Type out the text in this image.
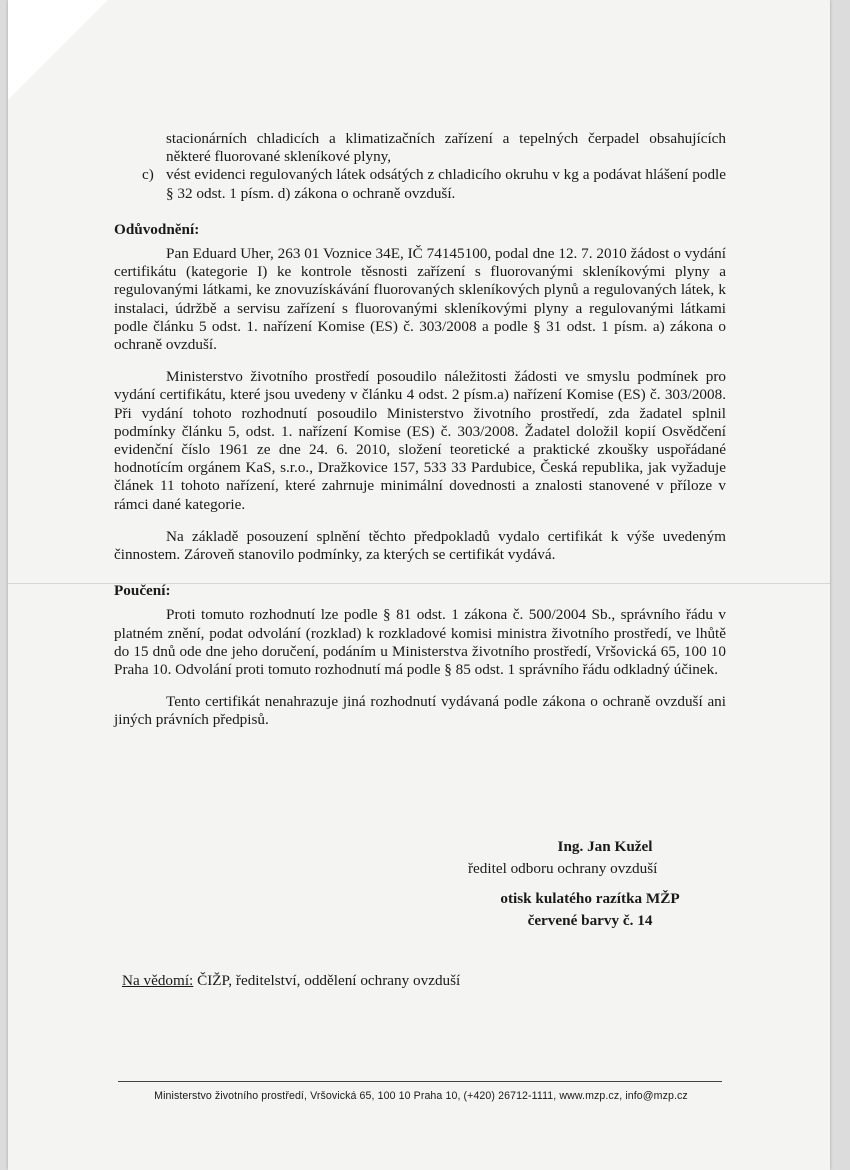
stacionárních chladicích a klimatizačních zařízení a tepelných čerpadel obsahujících některé fluorované skleníkové plyny,

c) vést evidenci regulovaných látek odsátých z chladicího okruhu v kg a podávat hlášení podle § 32 odst. 1 písm. d) zákona o ochraně ovzduší.

Odůvodnění:

Pan Eduard Uher, 263 01 Voznice 34E, IČ 74145100, podal dne 12. 7. 2010 žádost o vydání certifikátu (kategorie I) ke kontrole těsnosti zařízení s fluorovanými skleníkovými plyny a regulovanými látkami, ke znovuzískávání fluorovaných skleníkových plynů a regulovaných látek, k instalaci, údržbě a servisu zařízení s fluorovanými skleníkovými plyny a regulovanými látkami podle článku 5 odst. 1. nařízení Komise (ES) č. 303/2008 a podle § 31 odst. 1 písm. a) zákona o ochraně ovzduší.

Ministerstvo životního prostředí posoudilo náležitosti žádosti ve smyslu podmínek pro vydání certifikátu, které jsou uvedeny v článku 4 odst. 2 písm.a) nařízení Komise (ES) č. 303/2008. Při vydání tohoto rozhodnutí posoudilo Ministerstvo životního prostředí, zda žadatel splnil podmínky článku 5, odst. 1. nařízení Komise (ES) č. 303/2008. Žadatel doložil kopií Osvědčení evidenční číslo 1961 ze dne 24. 6. 2010, složení teoretické a praktické zkoušky uspořádané hodnotícím orgánem KaS, s.r.o., Dražkovice 157, 533 33 Pardubice, Česká republika, jak vyžaduje článek 11 tohoto nařízení, které zahrnuje minimální dovednosti a znalosti stanovené v příloze v rámci dané kategorie.

Na základě posouzení splnění těchto předpokladů vydalo certifikát k výše uvedeným činnostem. Zároveň stanovilo podmínky, za kterých se certifikát vydává.

Poučení:

Proti tomuto rozhodnutí lze podle § 81 odst. 1 zákona č. 500/2004 Sb., správního řádu v platném znění, podat odvolání (rozklad) k rozkladové komisi ministra životního prostředí, ve lhůtě do 15 dnů ode dne jeho doručení, podáním u Ministerstva životního prostředí, Vršovická 65, 100 10 Praha 10. Odvolání proti tomuto rozhodnutí má podle § 85 odst. 1 správního řádu odkladný účinek.

Tento certifikát nenahrazuje jiná rozhodnutí vydávaná podle zákona o ochraně ovzduší ani jiných právních předpisů.

Ing. Jan Kužel
ředitel odboru ochrany ovzduší
otisk kulatého razítka MŽP
červené barvy č. 14
Na vědomí: ČIŽP, ředitelství, oddělení ochrany ovzduší
Ministerstvo životního prostředí, Vršovická 65, 100 10 Praha 10, (+420) 26712-1111, www.mzp.cz, info@mzp.cz
